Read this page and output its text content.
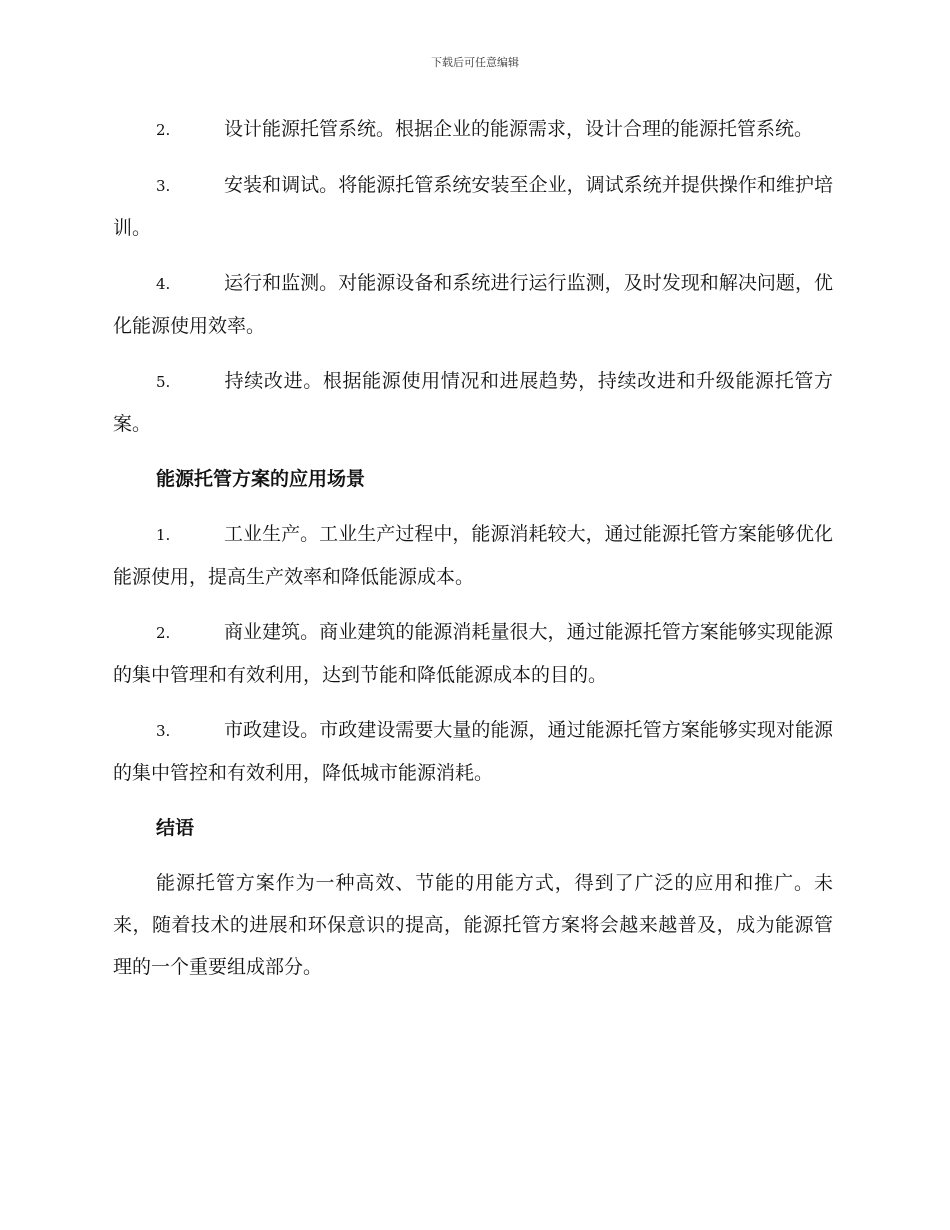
下载后可任意编辑

2.	设计能源托管系统。根据企业的能源需求，设计合理的能源托管系统。

3.	安装和调试。将能源托管系统安装至企业，调试系统并提供操作和维护培训。

4.	运行和监测。对能源设备和系统进行运行监测，及时发现和解决问题，优化能源使用效率。

5.	持续改进。根据能源使用情况和进展趋势，持续改进和升级能源托管方案。

能源托管方案的应用场景

1.	工业生产。工业生产过程中，能源消耗较大，通过能源托管方案能够优化能源使用，提高生产效率和降低能源成本。

2.	商业建筑。商业建筑的能源消耗量很大，通过能源托管方案能够实现能源的集中管理和有效利用，达到节能和降低能源成本的目的。

3.	市政建设。市政建设需要大量的能源，通过能源托管方案能够实现对能源的集中管控和有效利用，降低城市能源消耗。

结语

能源托管方案作为一种高效、节能的用能方式，得到了广泛的应用和推广。未来，随着技术的进展和环保意识的提高，能源托管方案将会越来越普及，成为能源管理的一个重要组成部分。
